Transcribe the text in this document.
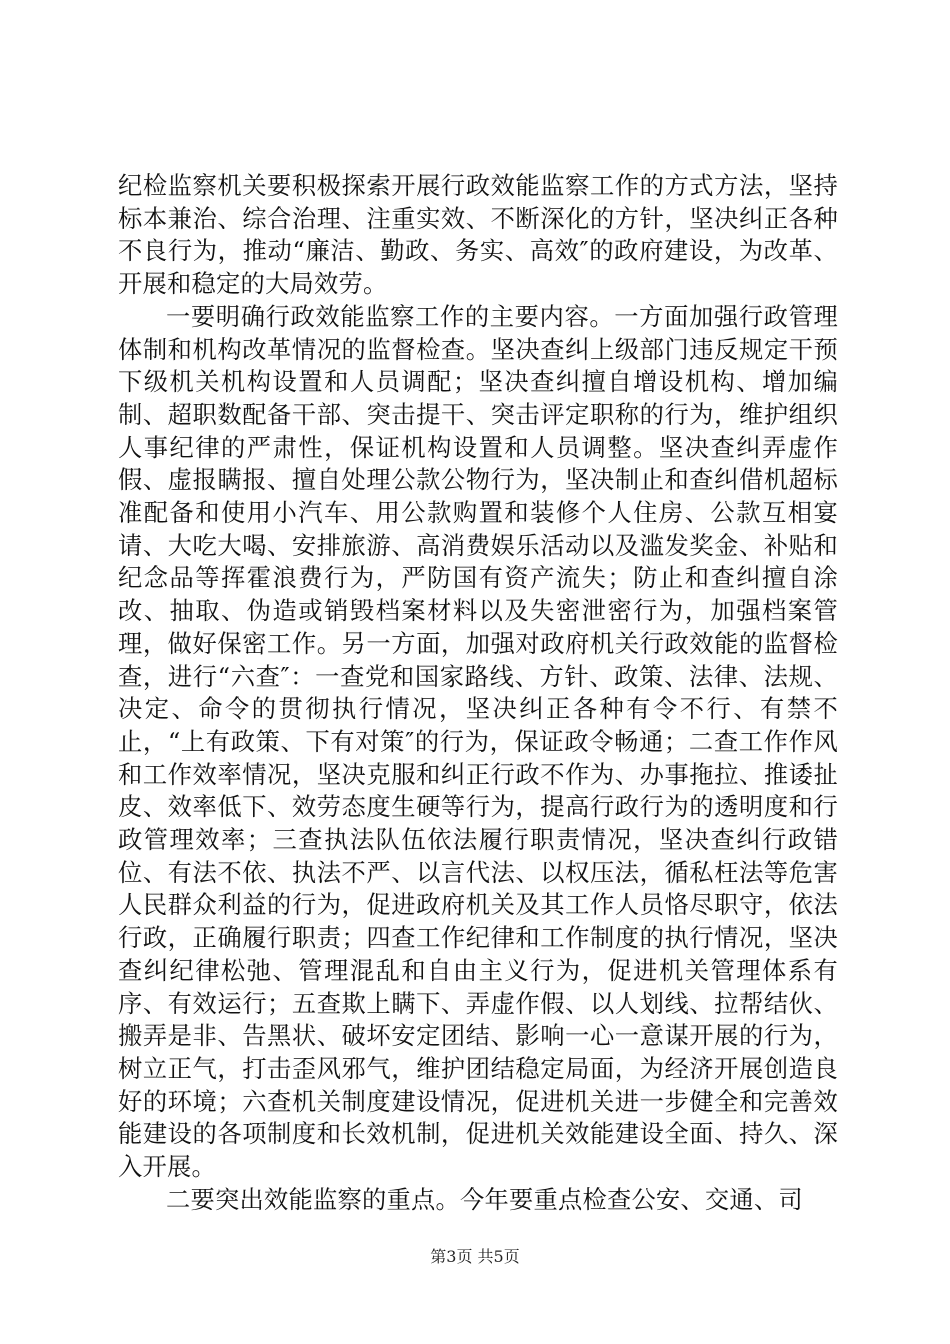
纪检监察机关要积极探索开展行政效能监察工作的方式方法，坚持标本兼治、综合治理、注重实效、不断深化的方针，坚决纠正各种不良行为，推动“廉洁、勤政、务实、高效″的政府建设，为改革、开展和稳定的大局效劳。

一要明确行政效能监察工作的主要内容。一方面加强行政管理体制和机构改革情况的监督检查。坚决查纠上级部门违反规定干预下级机关机构设置和人员调配；坚决查纠擅自增设机构、增加编制、超职数配备干部、突击提干、突击评定职称的行为，维护组织人事纪律的严肃性，保证机构设置和人员调整。坚决查纠弄虚作假、虚报瞒报、擅自处理公款公物行为，坚决制止和查纠借机超标准配备和使用小汽车、用公款购置和装修个人住房、公款互相宴请、大吃大喝、安排旅游、高消费娱乐活动以及滥发奖金、补贴和纪念品等挥霍浪费行为，严防国有资产流失；防止和查纠擅自涂改、抽取、伪造或销毁档案材料以及失密泄密行为，加强档案管理，做好保密工作。另一方面，加强对政府机关行政效能的监督检查，进行“六查″：一查党和国家路线、方针、政策、法律、法规、决定、命令的贯彻执行情况，坚决纠正各种有令不行、有禁不止，“上有政策、下有对策″的行为，保证政令畅通；二查工作作风和工作效率情况，坚决克服和纠正行政不作为、办事拖拉、推诿扯皮、效率低下、效劳态度生硬等行为，提高行政行为的透明度和行政管理效率；三查执法队伍依法履行职责情况，坚决查纠行政错位、有法不依、执法不严、以言代法、以权压法，循私枉法等危害人民群众利益的行为，促进政府机关及其工作人员恪尽职守，依法行政，正确履行职责；四查工作纪律和工作制度的执行情况，坚决查纠纪律松弛、管理混乱和自由主义行为，促进机关管理体系有序、有效运行；五查欺上瞒下、弄虚作假、以人划线、拉帮结伙、搬弄是非、告黑状、破坏安定团结、影响一心一意谋开展的行为，树立正气，打击歪风邪气，维护团结稳定局面，为经济开展创造良好的环境；六查机关制度建设情况，促进机关进一步健全和完善效能建设的各项制度和长效机制，促进机关效能建设全面、持久、深入开展。

二要突出效能监察的重点。今年要重点检查公安、交通、司

第3页 共5页
